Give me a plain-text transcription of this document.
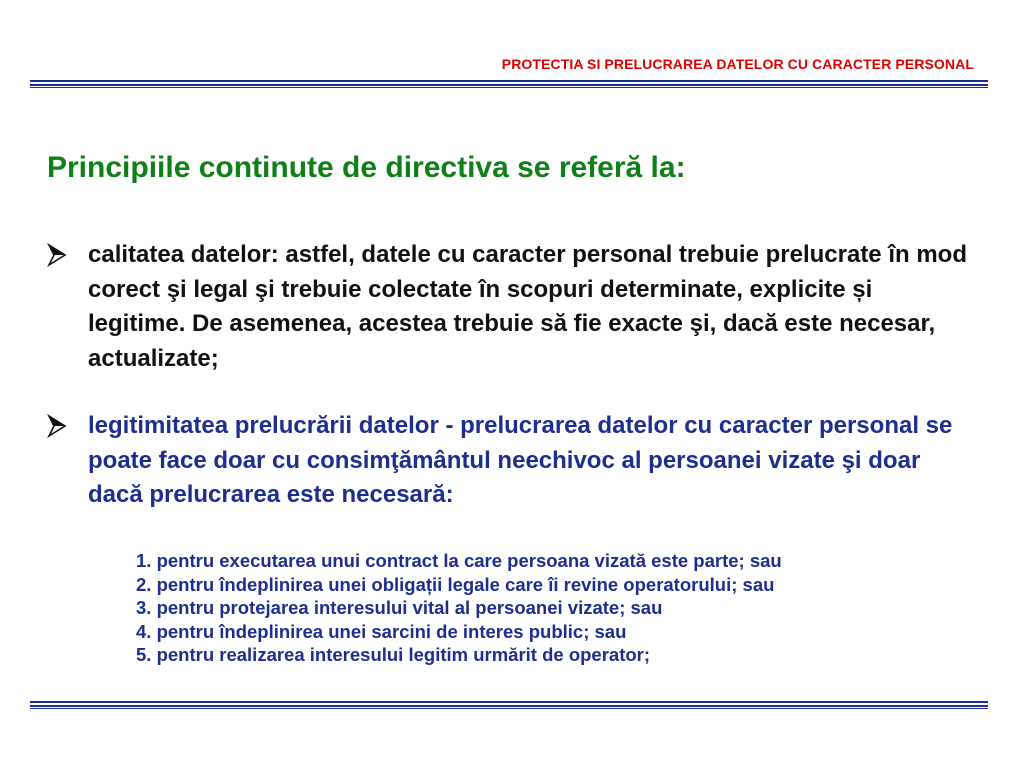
PROTECTIA SI PRELUCRAREA DATELOR CU CARACTER PERSONAL
Principiile continute de directiva se referă la:
calitatea datelor: astfel, datele cu caracter personal trebuie prelucrate în mod corect şi legal şi trebuie colectate în scopuri determinate, explicite și legitime. De asemenea, acestea trebuie să fie exacte şi, dacă este necesar, actualizate;
legitimitatea prelucrării datelor - prelucrarea datelor cu caracter personal se poate face doar cu consimţământul neechivoc al persoanei vizate şi doar dacă prelucrarea este necesară:
1. pentru executarea unui contract la care persoana vizată este parte; sau
2. pentru îndeplinirea unei obligații legale care îi revine operatorului; sau
3. pentru protejarea interesului vital al persoanei vizate; sau
4. pentru îndeplinirea unei sarcini de interes public; sau
5. pentru realizarea interesului legitim urmărit de operator;
